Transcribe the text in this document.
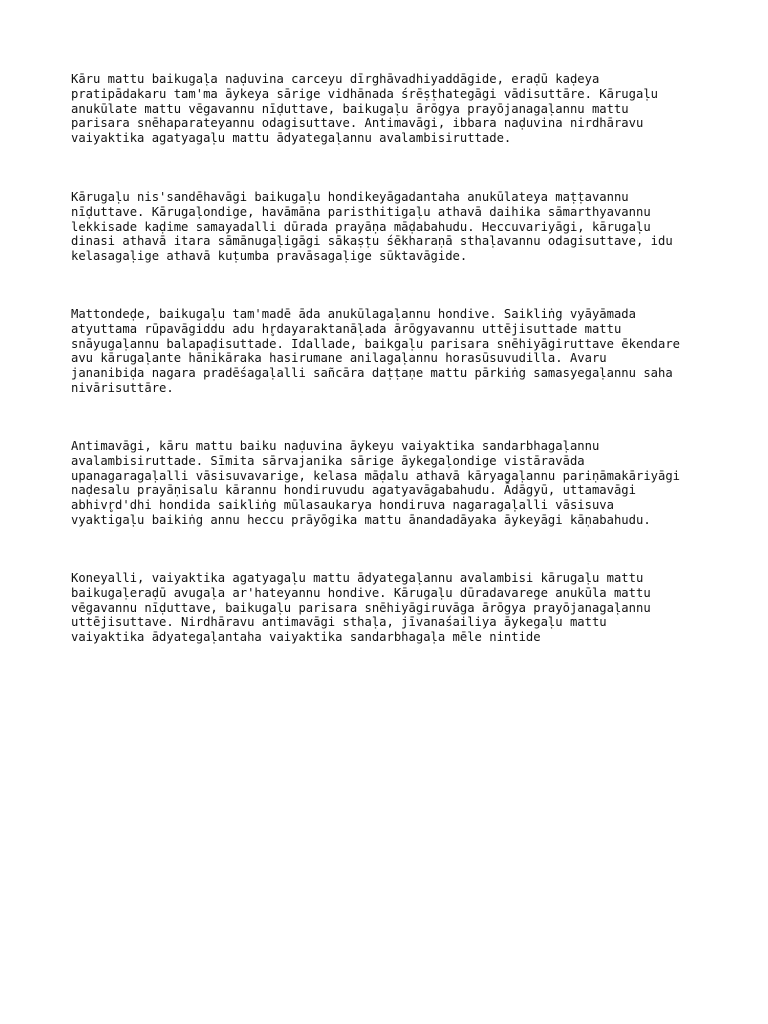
Kāru mattu baikugaḷa naḍuvina carceyu dīrghāvadhiyaddāgide, eraḍū kaḍeya
pratipādakaru tam'ma āykeya sārige vidhānada śrēṣṭhategāgi vādisuttāre. Kārugaḷu
anukūlate mattu vēgavannu nīḍuttave, baikugaḷu ārōgya prayōjanagaḷannu mattu
parisara snēhaparateyannu odagisuttave. Antimavāgi, ibbara naḍuvina nirdhāravu
vaiyaktika agatyagaḷu mattu ādyategaḷannu avalambisiruttade.

Kārugaḷu nis'sandēhavāgi baikugaḷu hondikeyāgadantaha anukūlateya maṭṭavannu
nīḍuttave. Kārugaḷondige, havāmāna paristhitigaḷu athavā daihika sāmarthyavannu
lekkisade kaḍime samayadalli dūrada prayāṇa māḍabahudu. Heccuvariyāgi, kārugaḷu
dinasi athavā itara sāmānugaḷigāgi sākaṣṭu śēkharaṇā sthaḷavannu odagisuttave, idu
kelasagaḷige athavā kuṭumba pravāsagaḷige sūktavāgide.

Mattondeḍe, baikugaḷu tam'madē āda anukūlagaḷannu hondive. Saikliṅg vyāyāmada
atyuttama rūpavāgiddu adu hr̥dayaraktanāḷada ārōgyavannu uttējisuttade mattu
snāyugaḷannu balapaḍisuttade. Idallade, baikgaḷu parisara snēhiyāgiruttave ēkendare
avu kārugaḷante hānikāraka hasirumane anilagaḷannu horasūsuvudilla. Avaru
jananibiḍa nagara pradēśagaḷalli sañcāra daṭṭaṇe mattu pārkiṅg samasyegaḷannu saha
nivārisuttāre.

Antimavāgi, kāru mattu baiku naḍuvina āykeyu vaiyaktika sandarbhagaḷannu
avalambisiruttade. Sīmita sārvajanika sārige āykegaḷondige vistāravāda
upanagaragaḷalli vāsisuvavarige, kelasa māḍalu athavā kāryagaḷannu pariṇāmakāriyāgi
naḍesalu prayāṇisalu kārannu hondiruvudu agatyavāgabahudu. Ādāgyū, uttamavāgi
abhivr̥d'dhi hondida saikliṅg mūlasaukarya hondiruva nagaragaḷalli vāsisuva
vyaktigaḷu baikiṅg annu heccu prāyōgika mattu ānandadāyaka āykeyāgi kāṇabahudu.

Koneyalli, vaiyaktika agatyagaḷu mattu ādyategaḷannu avalambisi kārugaḷu mattu
baikugaḷeraḍū avugaḷa ar'hateyannu hondive. Kārugaḷu dūradavarege anukūla mattu
vēgavannu nīḍuttave, baikugaḷu parisara snēhiyāgiruvāga ārōgya prayōjanagaḷannu
uttējisuttave. Nirdhāravu antimavāgi sthaḷa, jīvanaśailiya āykegaḷu mattu
vaiyaktika ādyategaḷantaha vaiyaktika sandarbhagaḷa mēle nintide
